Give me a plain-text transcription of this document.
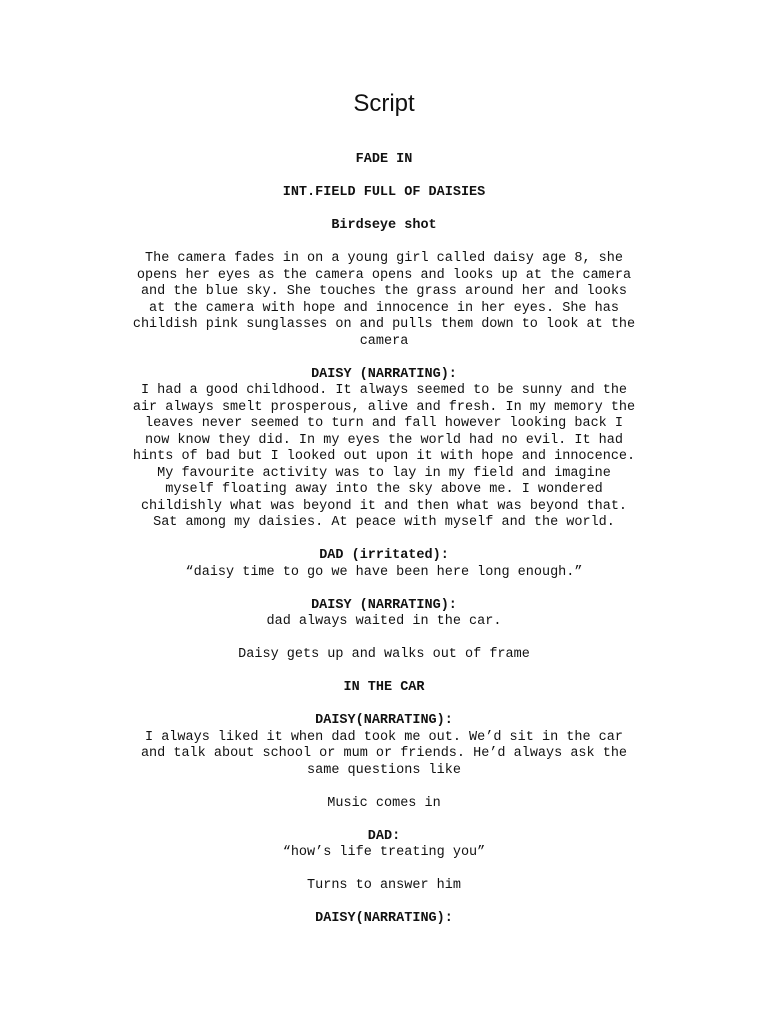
Script
FADE IN
INT.FIELD FULL OF DAISIES
Birdseye shot
The camera fades in on a young girl called daisy age 8, she
opens her eyes as the camera opens and looks up at the camera
and the blue sky. She touches the grass around her and looks
at the camera with hope and innocence in her eyes. She has
childish pink sunglasses on and pulls them down to look at the
camera
DAISY (NARRATING):
I had a good childhood. It always seemed to be sunny and the
air always smelt prosperous, alive and fresh. In my memory the
leaves never seemed to turn and fall however looking back I
now know they did. In my eyes the world had no evil. It had
hints of bad but I looked out upon it with hope and innocence.
My favourite activity was to lay in my field and imagine
myself floating away into the sky above me. I wondered
childishly what was beyond it and then what was beyond that.
Sat among my daisies. At peace with myself and the world.
DAD (irritated):
“daisy time to go we have been here long enough.”
DAISY (NARRATING):
dad always waited in the car.
Daisy gets up and walks out of frame
IN THE CAR
DAISY(NARRATING):
I always liked it when dad took me out. We’d sit in the car
and talk about school or mum or friends. He’d always ask the
same questions like
Music comes in
DAD:
“how’s life treating you”
Turns to answer him
DAISY(NARRATING):
